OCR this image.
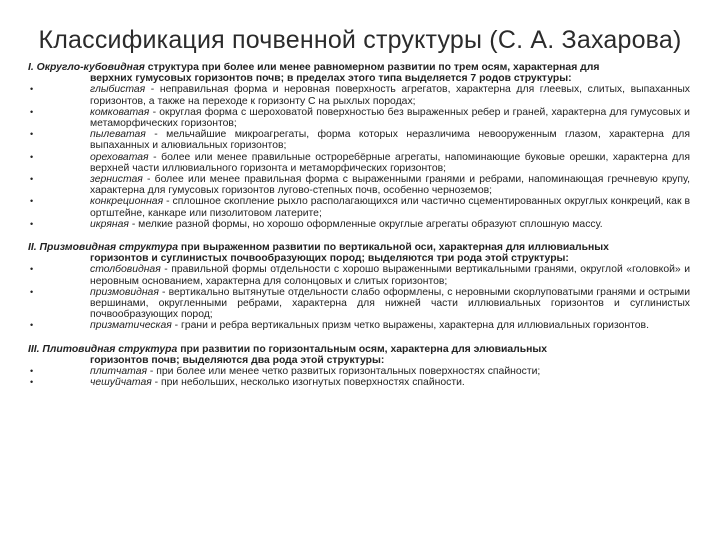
Классификация почвенной структуры (С. А. Захарова)
I. Округло-кубовидная структура при более или менее равномерном развитии по трем осям, характерная для
верхних гумусовых горизонтов почв; в пределах этого типа выделяется 7 родов структуры:
•	глыбистая - неправильная форма и неровная поверхность агрегатов, характерна для глеевых, слитых, выпаханных горизонтов, а также на переходе к горизонту С на рыхлых породах;
•	комковатая - округлая форма с шероховатой поверхностью без выраженных ребер и граней, характерна для гумусовых и метаморфических горизонтов;
•	пылеватая - мельчайшие микроагрегаты, форма которых неразличима невооруженным глазом, характерна для выпаханных и алювиальных горизонтов;
•	ореховатая - более или менее правильные остроребёрные агрегаты, напоминающие буковые орешки, характерна для верхней части иллювиального горизонта и метаморфических горизонтов;
•	зернистая - более или менее правильная форма с выраженными гранями и ребрами, напоминающая гречневую крупу, характерна для гумусовых горизонтов лугово-степных почв, особенно черноземов;
•	конкреционная - сплошное скопление рыхло располагающихся или частично сцементированных округлых конкреций, как в ортштейне, канкаре или пизолитовом латерите;
•	икряная - мелкие разной формы, но хорошо оформленные округлые агрегаты образуют сплошную массу.
II. Призмовидная структура при выраженном развитии по вертикальной оси, характерная для иллювиальных
горизонтов и суглинистых почвообразующих пород; выделяются три рода этой структуры:
•	столбовидная - правильной формы отдельности с хорошо выраженными вертикальными гранями, округлой «головкой» и неровным основанием, характерна для солонцовых и слитых горизонтов;
•	призмовидная - вертикально вытянутые отдельности слабо оформлены, с неровными скорлуповатыми гранями и острыми вершинами, округленными ребрами, характерна для нижней части иллювиальных горизонтов и суглинистых почвообразующих пород;
•	призматическая - грани и ребра вертикальных призм четко выражены, характерна для иллювиальных горизонтов.
III. Плитовидная структура при развитии по горизонтальным осям, характерна для элювиальных
горизонтов почв; выделяются два рода этой структуры:
•	плитчатая - при более или менее четко развитых горизонтальных поверхностях спайности;
•	чешуйчатая - при небольших, несколько изогнутых поверхностях спайности.
